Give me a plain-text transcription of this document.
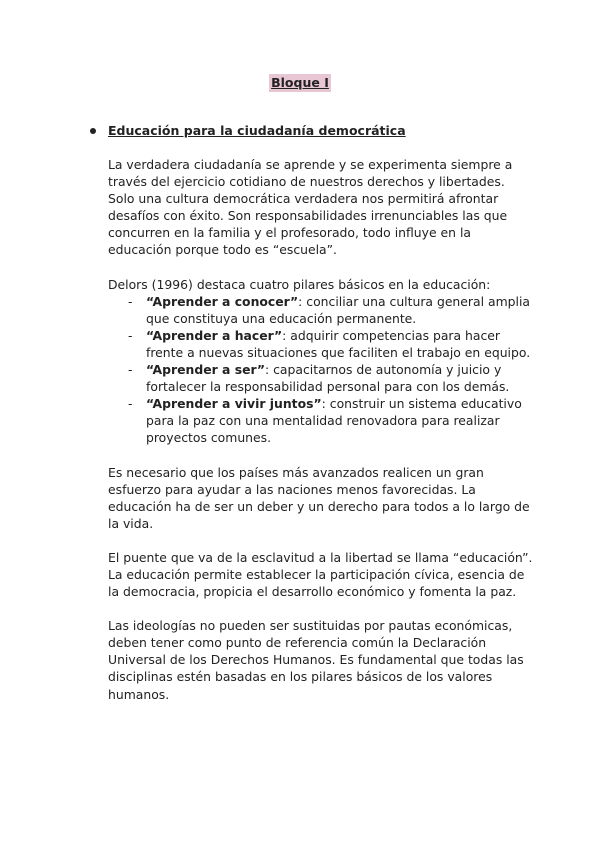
Bloque I
Educación para la ciudadanía democrática

La verdadera ciudadanía se aprende y se experimenta siempre a través del ejercicio cotidiano de nuestros derechos y libertades. Solo una cultura democrática verdadera nos permitirá afrontar desafíos con éxito. Son responsabilidades irrenunciables las que concurren en la familia y el profesorado, todo influye en la educación porque todo es “escuela”.

Delors (1996) destaca cuatro pilares básicos en la educación:
- “Aprender a conocer”: conciliar una cultura general amplia que constituya una educación permanente.
- “Aprender a hacer”: adquirir competencias para hacer frente a nuevas situaciones que faciliten el trabajo en equipo.
- “Aprender a ser”: capacitarnos de autonomía y juicio y fortalecer la responsabilidad personal para con los demás.
- “Aprender a vivir juntos”: construir un sistema educativo para la paz con una mentalidad renovadora para realizar proyectos comunes.

Es necesario que los países más avanzados realicen un gran esfuerzo para ayudar a las naciones menos favorecidas. La educación ha de ser un deber y un derecho para todos a lo largo de la vida.

El puente que va de la esclavitud a la libertad se llama “educación”. La educación permite establecer la participación cívica, esencia de la democracia, propicia el desarrollo económico y fomenta la paz.

Las ideologías no pueden ser sustituidas por pautas económicas, deben tener como punto de referencia común la Declaración Universal de los Derechos Humanos. Es fundamental que todas las disciplinas estén basadas en los pilares básicos de los valores humanos.
